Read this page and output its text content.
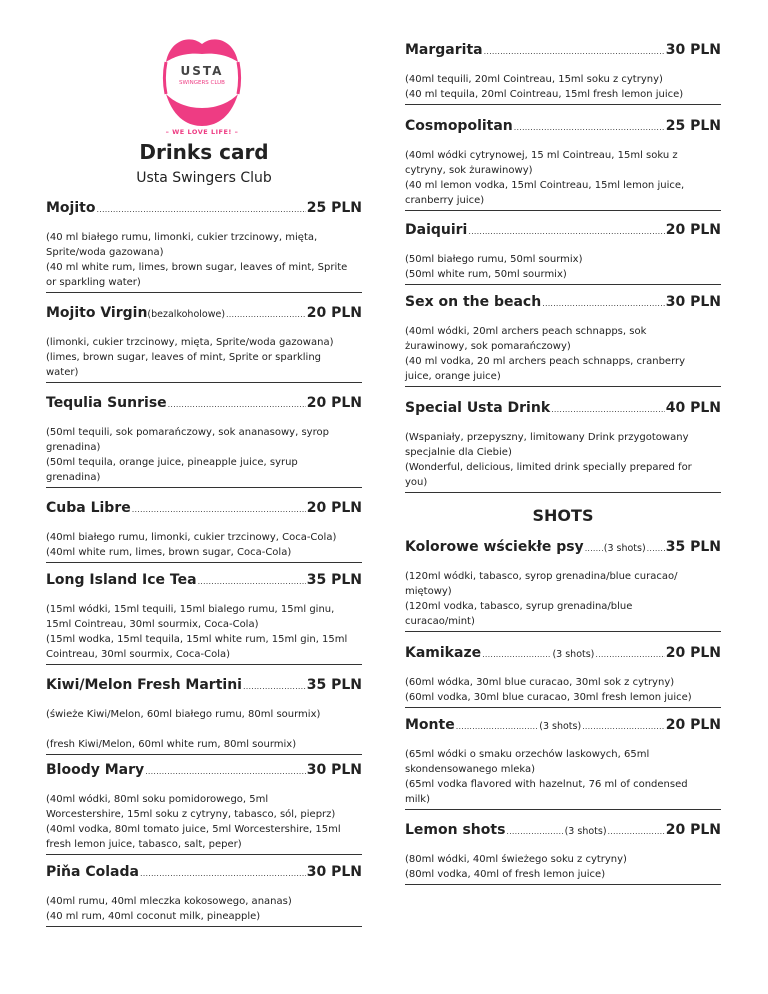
USTA
SWINGERS CLUB
– WE LOVE LIFE! –
Drinks card
Usta Swingers Club
Mojito .....	25 PLN
(40 ml białego rumu, limonki, cukier trzcinowy, mięta,
Sprite/woda gazowana)
(40 ml white rum, limes, brown sugar, leaves of mint, Sprite
or sparkling water)
Mojito Virgin (bezalkoholowe) .....	20 PLN
(limonki, cukier trzcinowy, mięta, Sprite/woda gazowana)
(limes, brown sugar, leaves of mint, Sprite or sparkling
water)
Tequlia Sunrise .....	20 PLN
(50ml tequili, sok pomarańczowy, sok ananasowy, syrop
grenadina)
(50ml tequila, orange juice, pineapple juice, syrup
grenadina)
Cuba Libre .....	20 PLN
(40ml białego rumu, limonki, cukier trzcinowy, Coca-Cola)
(40ml white rum, limes, brown sugar, Coca-Cola)
Long Island Ice Tea .....	35 PLN
(15ml wódki, 15ml tequili, 15ml bialego rumu, 15ml ginu,
15ml Cointreau, 30ml sourmix, Coca-Cola)
(15ml wodka, 15ml tequila, 15ml white rum, 15ml gin, 15ml
Cointreau, 30ml sourmix, Coca-Cola)
Kiwi/Melon Fresh Martini .....	35 PLN
(świeże Kiwi/Melon, 60ml białego rumu, 80ml sourmix)
(fresh Kiwi/Melon, 60ml white rum, 80ml sourmix)
Bloody Mary .....	30 PLN
(40ml wódki, 80ml soku pomidorowego, 5ml
Worcestershire, 15ml soku z cytryny, tabasco, sól, pieprz)
(40ml vodka, 80ml tomato juice, 5ml Worcestershire, 15ml
fresh lemon juice, tabasco, salt, peper)
Piňa Colada .....	30 PLN
(40ml rumu, 40ml mleczka kokosowego, ananas)
(40 ml rum, 40ml coconut milk, pineapple)
Margarita .....	30 PLN
(40ml tequili, 20ml Cointreau, 15ml soku z cytryny)
(40 ml tequila, 20ml Cointreau, 15ml fresh lemon juice)
Cosmopolitan .....	25 PLN
(40ml wódki cytrynowej, 15 ml Cointreau, 15ml soku z
cytryny, sok żurawinowy)
(40 ml lemon vodka, 15ml Cointreau, 15ml lemon juice,
cranberry juice)
Daiquiri .....	20 PLN
(50ml białego rumu, 50ml sourmix)
(50ml white rum, 50ml sourmix)
Sex on the beach .....	30 PLN
(40ml wódki, 20ml archers peach schnapps, sok
żurawinowy, sok pomarańczowy)
(40 ml vodka, 20 ml archers peach schnapps, cranberry
juice, orange juice)
Special Usta Drink .....	40 PLN
(Wspaniały, przepyszny, limitowany Drink przygotowany
specjalnie dla Ciebie)
(Wonderful, delicious, limited drink specially prepared for
you)
SHOTS
Kolorowe wściekłe psy ..... (3 shots) ..... 35 PLN
(120ml wódki, tabasco, syrop grenadina/blue curacao/
miętowy)
(120ml vodka, tabasco, syrup grenadina/blue
curacao/mint)
Kamikaze .....	(3 shots) .....	20 PLN
(60ml wódka, 30ml blue curacao, 30ml sok z cytryny)
(60ml vodka, 30ml blue curacao, 30ml fresh lemon juice)
Monte .....	(3 shots) .....	20 PLN
(65ml wódki o smaku orzechów laskowych, 65ml
skondensowanego mleka)
(65ml vodka flavored with hazelnut, 76 ml of condensed
milk)
Lemon shots .....	(3 shots) .....	20 PLN
(80ml wódki, 40ml świeżego soku z cytryny)
(80ml vodka, 40ml of fresh lemon juice)
